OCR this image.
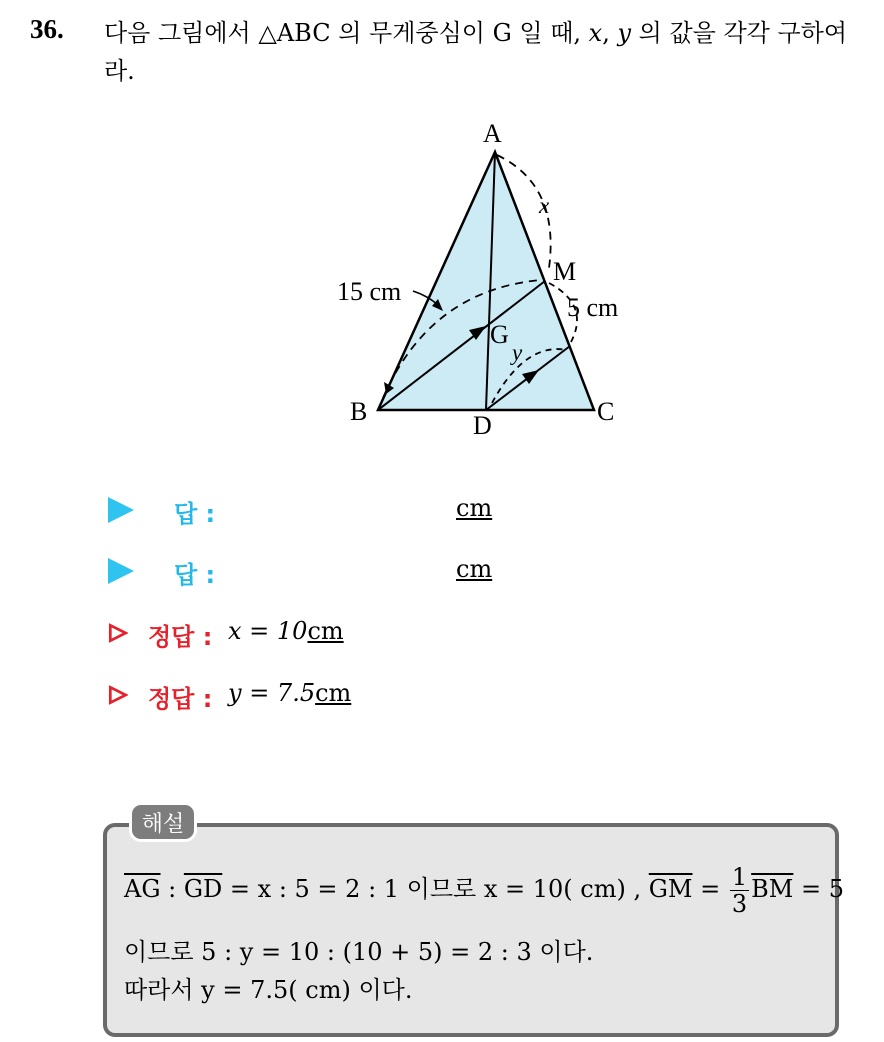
36. 다음 그림에서 △ABC 의 무게중심이 G 일 때, x, y 의 값을 각각 구하여라.
A
B	C
D
M
G
x
y
15 cm
5 cm
답 :	cm
답 :	cm
정답 : x = 10cm
정답 : y = 7.5cm
해설
$\overline{AG}$ : $\overline{GD} = x$ : 5 = 2 : 1 이므로 x = 10( cm) , $\overline{GM} = \frac{1}{3} \overline{BM} = 5$
이므로 5 : y = 10 : (10 + 5) = 2 : 3 이다.
따라서 y = 7.5( cm) 이다.
